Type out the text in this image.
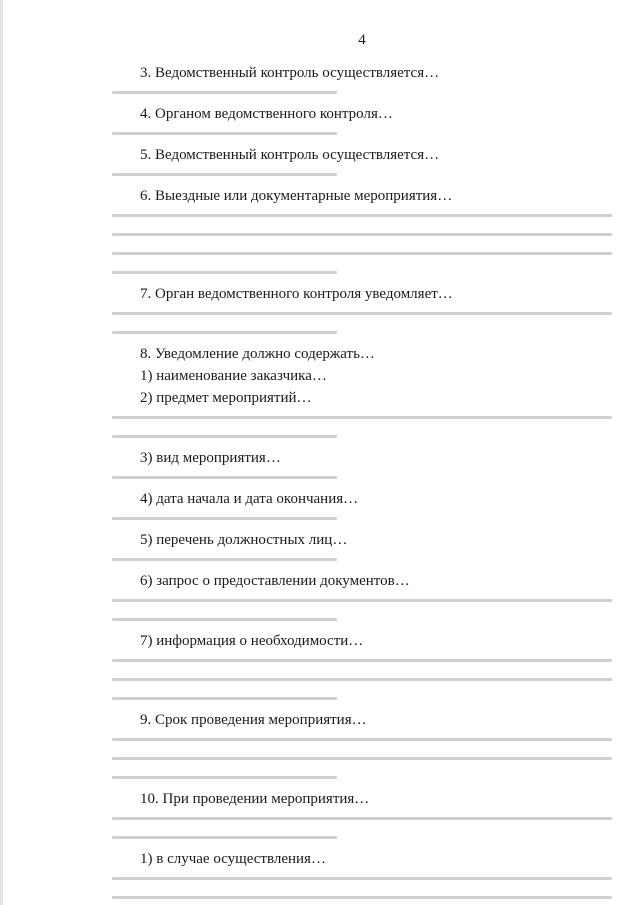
4
3. Ведомственный контроль осуществляется…
4. Органом ведомственного контроля…
5. Ведомственный контроль осуществляется…
6. Выездные или документарные мероприятия…
7. Орган ведомственного контроля уведомляет…
8. Уведомление должно содержать…
1) наименование заказчика…
2) предмет мероприятий…
3) вид мероприятия…
4) дата начала и дата окончания…
5) перечень должностных лиц…
6) запрос о предоставлении документов…
7) информация о необходимости…
9. Срок проведения мероприятия…
10. При проведении мероприятия…
1) в случае осуществления…
